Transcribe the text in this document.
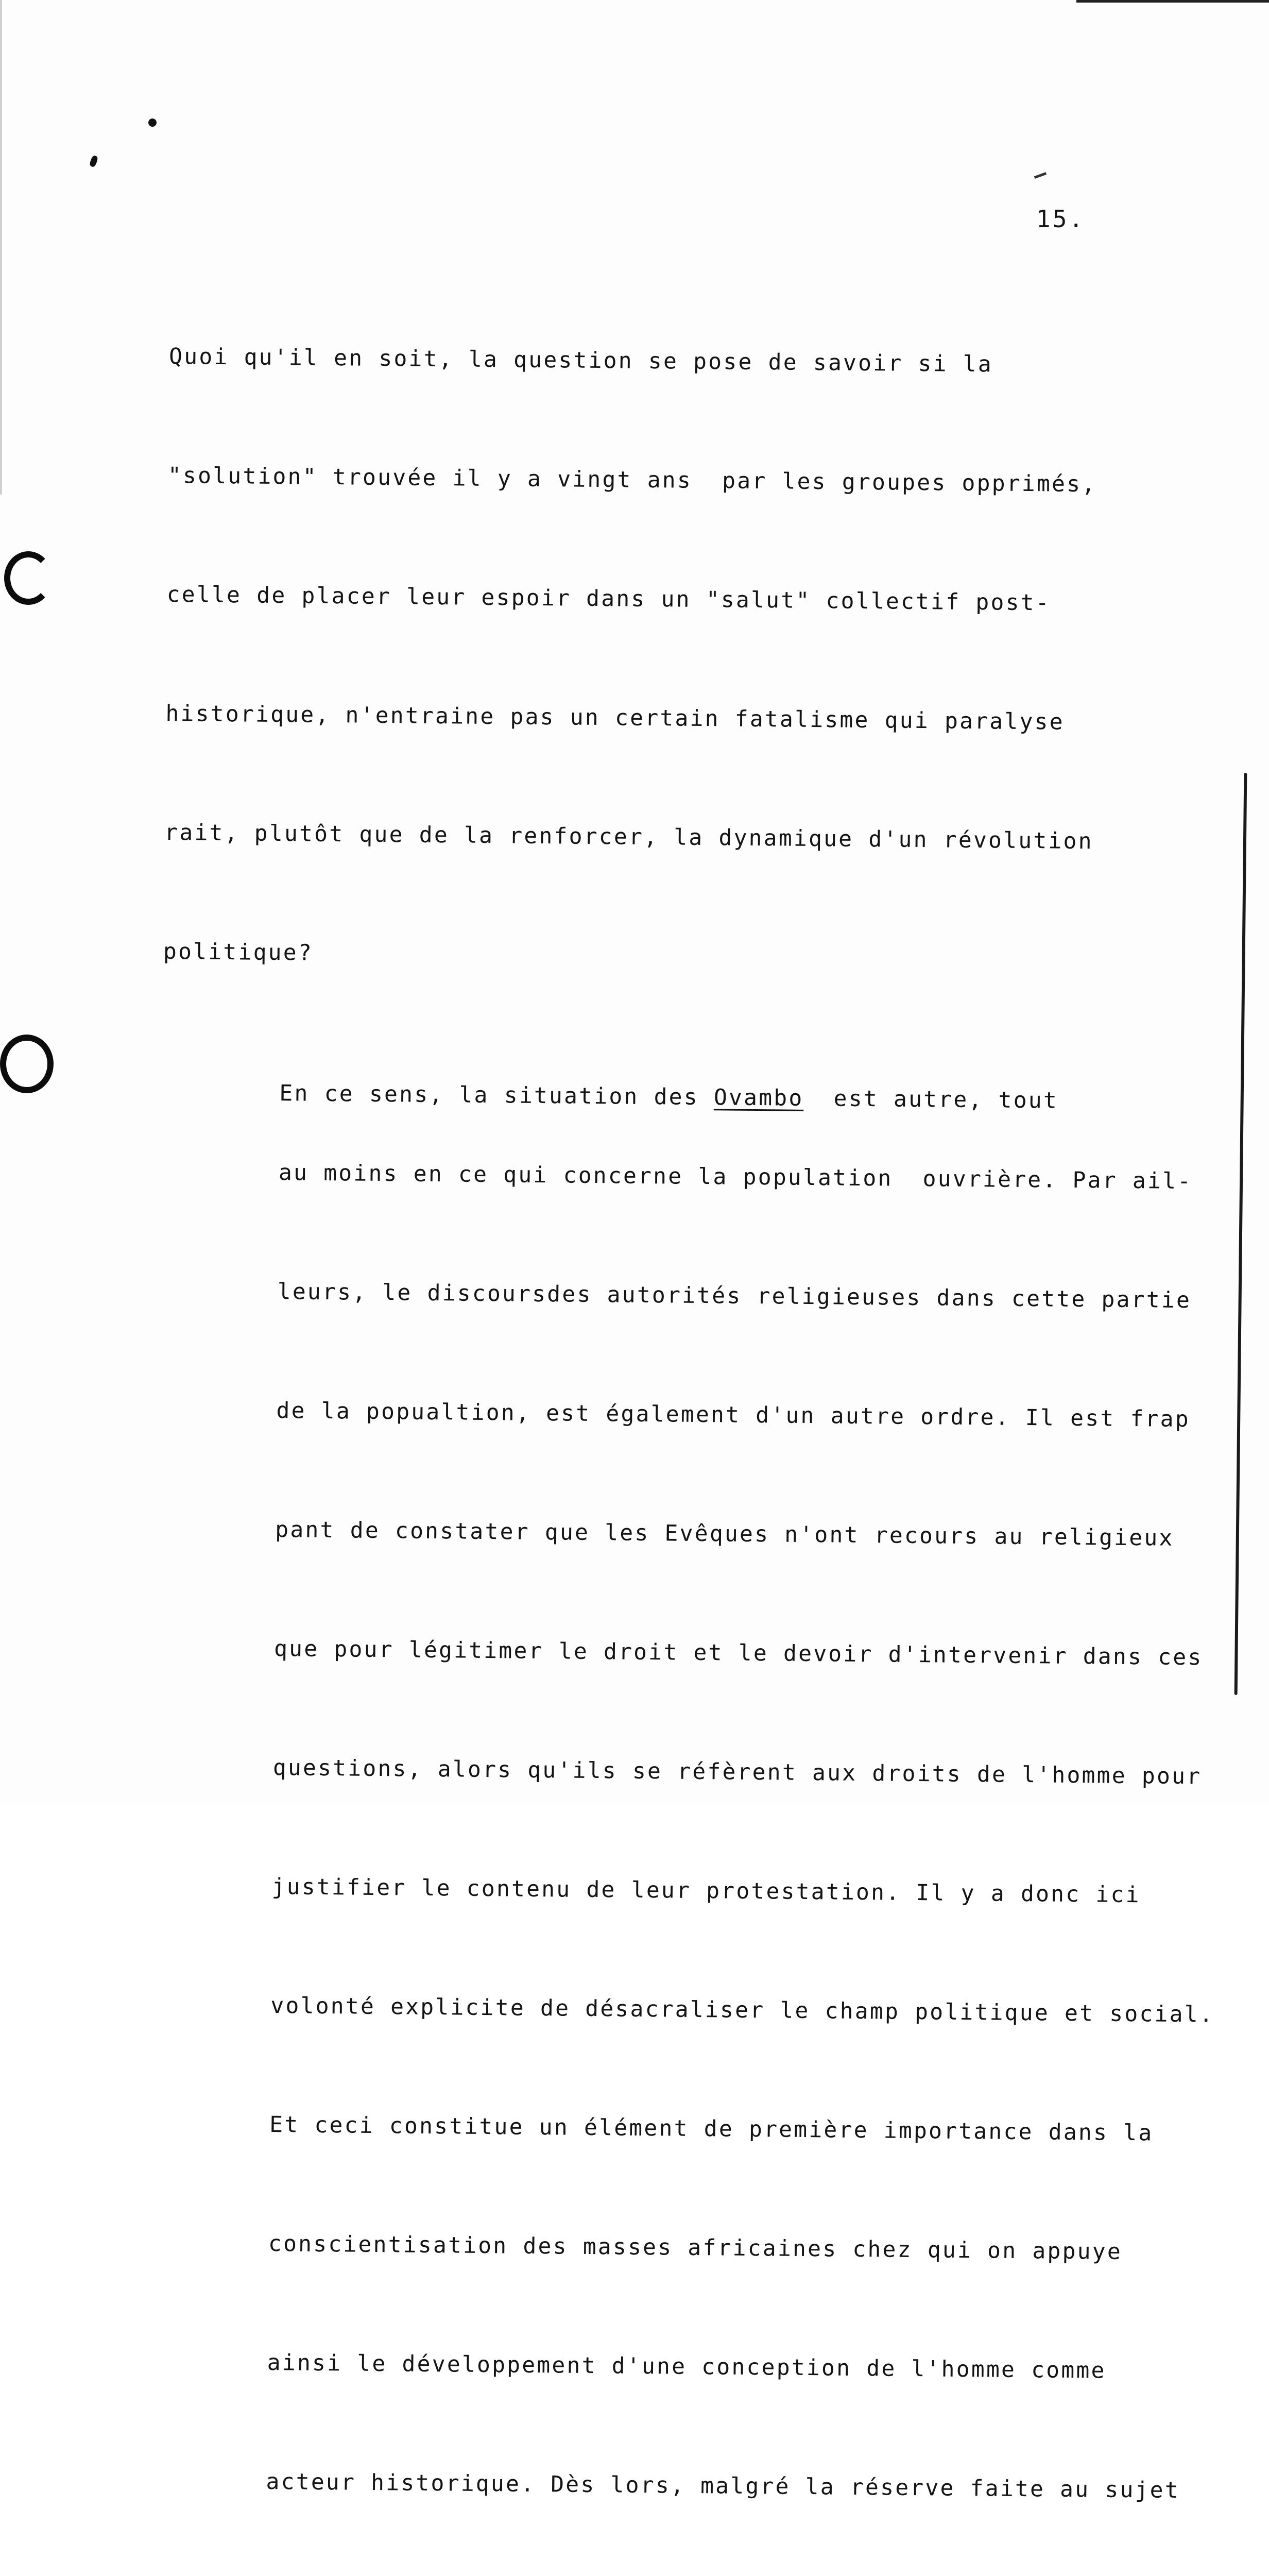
15.

Quoi qu'il en soit, la question se pose de savoir si la

"solution" trouvée il y a vingt ans  par les groupes opprimés,

celle de placer leur espoir dans un "salut" collectif post-

historique, n'entraine pas un certain fatalisme qui paralyse

rait, plutôt que de la renforcer, la dynamique d'un révolution

politique?

En ce sens, la situation des Ovambo  est autre, tout

au moins en ce qui concerne la population  ouvrière. Par ail-

leurs, le discoursdes autorités religieuses dans cette partie

de la popualtion, est également d'un autre ordre. Il est frap

pant de constater que les Evêques n'ont recours au religieux

que pour légitimer le droit et le devoir d'intervenir dans ces

questions, alors qu'ils se réfèrent aux droits de l'homme pour

justifier le contenu de leur protestation. Il y a donc ici

volonté explicite de désacraliser le champ politique et social.

Et ceci constitue un élément de première importance dans la

conscientisation des masses africaines chez qui on appuye

ainsi le développement d'une conception de l'homme comme

acteur historique. Dès lors, malgré la réserve faite au sujet
